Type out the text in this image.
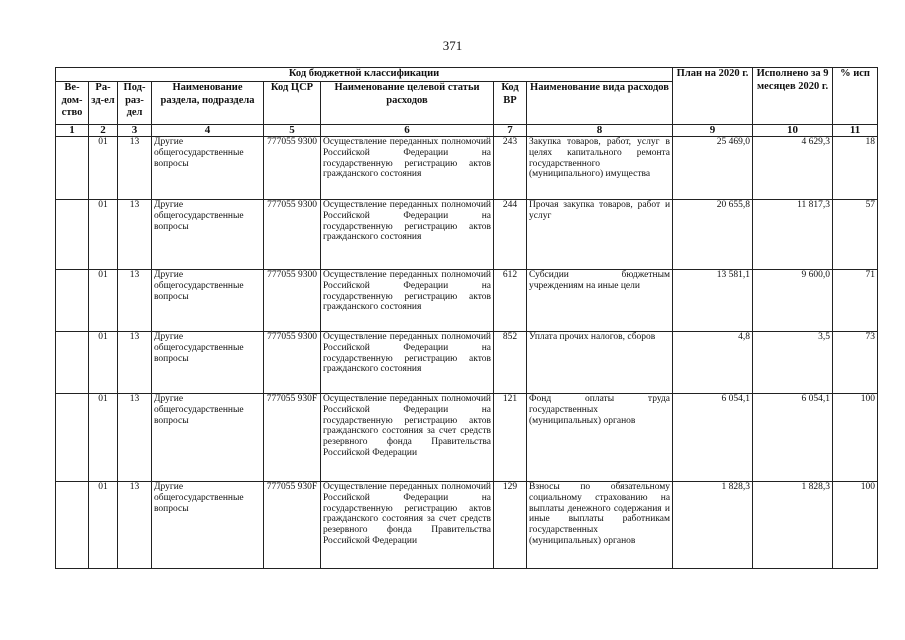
371
Код бюджетной классификации								План на 2020 г.	Исполнено за 9 месяцев 2020 г.	% исп
Ве-дом-ство	Ра-зд-ел	Под-раз-дел	Наименование раздела, подраздела	Код ЦСР	Наименование целевой статьи расходов	Код ВР	Наименование вида расходов			
1	2	3	4	5	6	7	8	9	10	11
	01	13	Другие общегосударственные вопросы	777055 9300	Осуществление переданных полномочий Российской Федерации на государственную регистрацию актов гражданского состояния	243	Закупка товаров, работ, услуг в целях капитального ремонта государственного (муниципального) имущества	25 469,0	4 629,3	18
	01	13	Другие общегосударственные вопросы	777055 9300	Осуществление переданных полномочий Российской Федерации на государственную регистрацию актов гражданского состояния	244	Прочая закупка товаров, работ и услуг	20 655,8	11 817,3	57
	01	13	Другие общегосударственные вопросы	777055 9300	Осуществление переданных полномочий Российской Федерации на государственную регистрацию актов гражданского состояния	612	Субсидии бюджетным учреждениям на иные цели	13 581,1	9 600,0	71
	01	13	Другие общегосударственные вопросы	777055 9300	Осуществление переданных полномочий Российской Федерации на государственную регистрацию актов гражданского состояния	852	Уплата прочих налогов, сборов	4,8	3,5	73
	01	13	Другие общегосударственные вопросы	777055 930F	Осуществление переданных полномочий Российской Федерации на государственную регистрацию актов гражданского состояния за счет средств резервного фонда Правительства Российской Федерации	121	Фонд оплаты труда государственных (муниципальных) органов	6 054,1	6 054,1	100
	01	13	Другие общегосударственные вопросы	777055 930F	Осуществление переданных полномочий Российской Федерации на государственную регистрацию актов гражданского состояния за счет средств резервного фонда Правительства Российской Федерации	129	Взносы по обязательному социальному страхованию на выплаты денежного содержания и иные выплаты работникам государственных (муниципальных) органов	1 828,3	1 828,3	100
